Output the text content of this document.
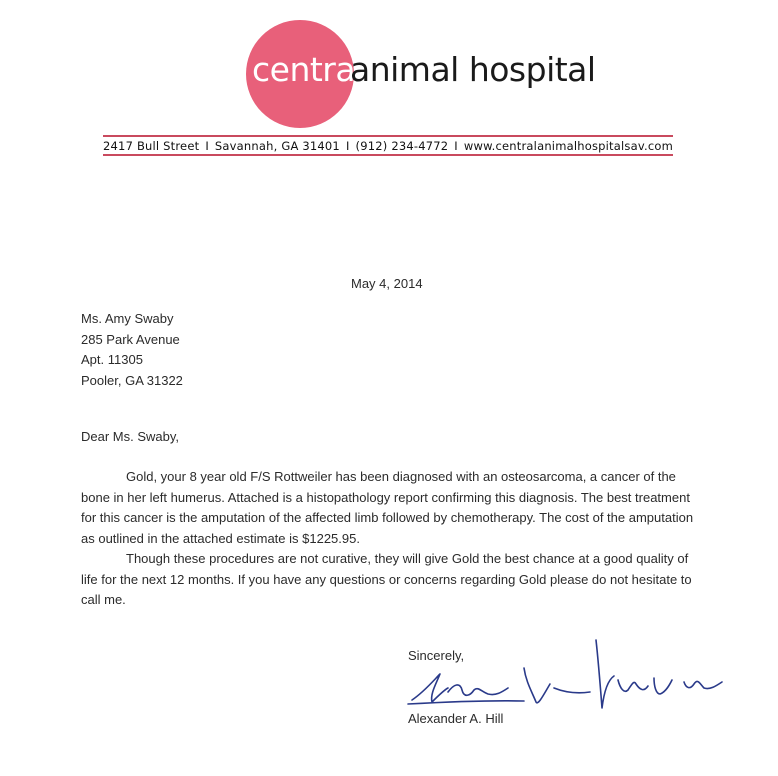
central
animal hospital
2417 Bull Street I Savannah, GA 31401 I (912) 234-4772 I www.centralanimalhospitalsav.com
May 4, 2014
Ms. Amy Swaby
285 Park Avenue
Apt. 11305
Pooler, GA 31322
Dear Ms. Swaby,

Gold, your 8 year old F/S Rottweiler has been diagnosed with an osteosarcoma, a cancer of the bone in her left humerus. Attached is a histopathology report confirming this diagnosis. The best treatment for this cancer is the amputation of the affected limb followed by chemotherapy. The cost of the amputation as outlined in the attached estimate is $1225.95.

Though these procedures are not curative, they will give Gold the best chance at a good quality of life for the next 12 months. If you have any questions or concerns regarding Gold please do not hesitate to call me.

Sincerely,
Alexander A. Hill
